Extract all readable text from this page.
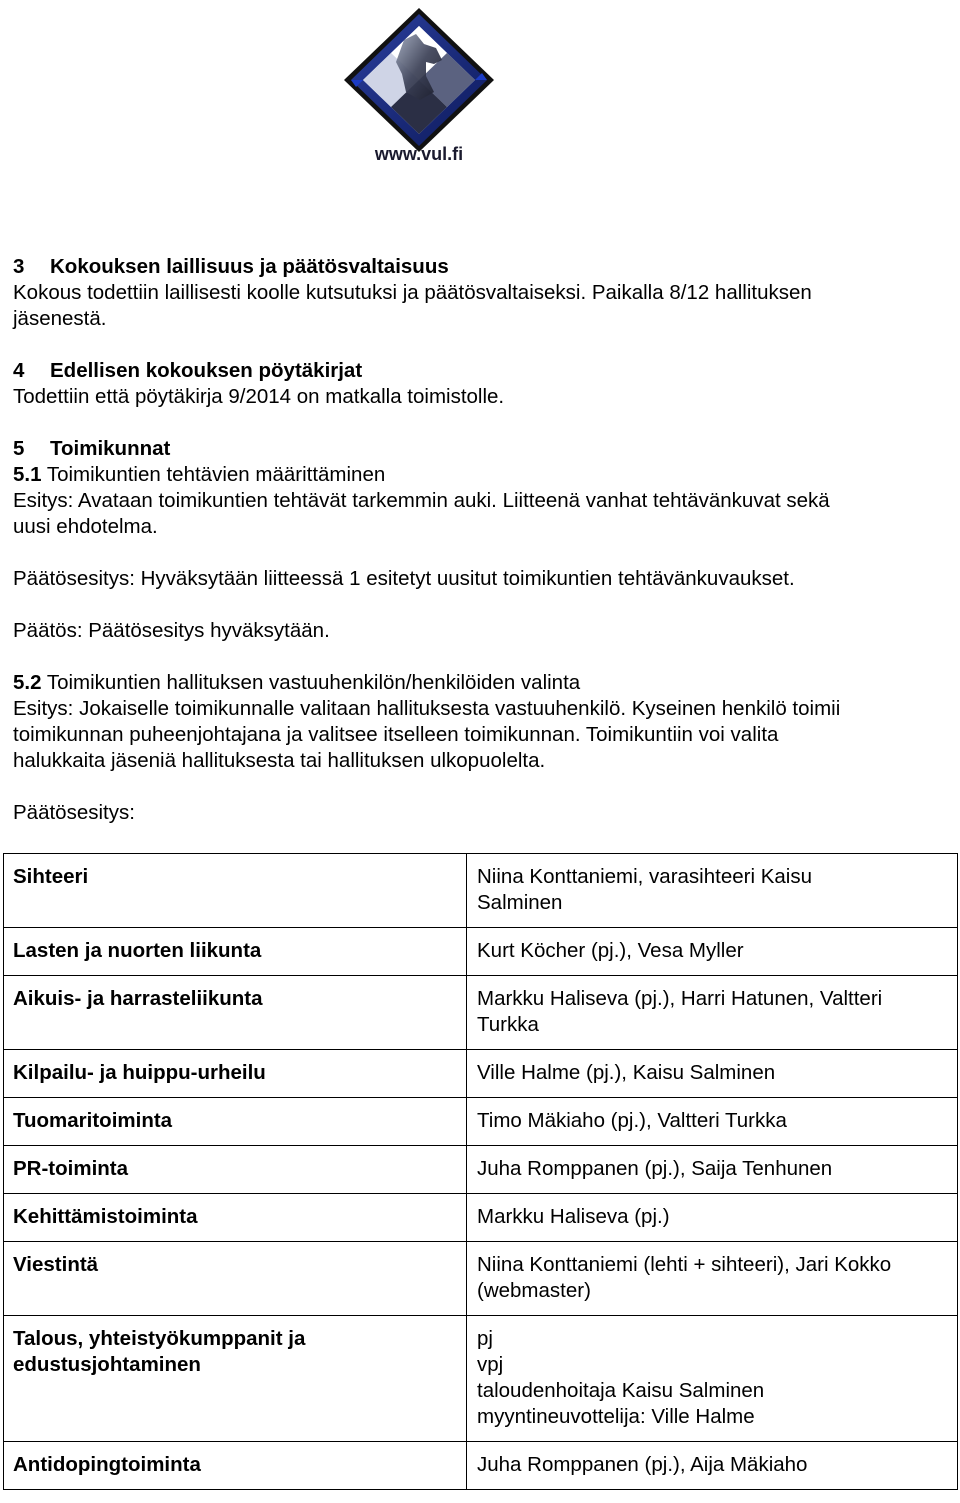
www.vul.fi

3 Kokouksen laillisuus ja päätösvaltaisuus

Kokous todettiin laillisesti koolle kutsutuksi ja päätösvaltaiseksi. Paikalla 8/12 hallituksen

jäsenestä.

4 Edellisen kokouksen pöytäkirjat

Todettiin että pöytäkirja 9/2014 on matkalla toimistolle.

5 Toimikunnat

5.1 Toimikuntien tehtävien määrittäminen

Esitys: Avataan toimikuntien tehtävät tarkemmin auki. Liitteenä vanhat tehtävänkuvat sekä

uusi ehdotelma.

Päätösesitys: Hyväksytään liitteessä 1 esitetyt uusitut toimikuntien tehtävänkuvaukset.

Päätös: Päätösesitys hyväksytään.

5.2 Toimikuntien hallituksen vastuuhenkilön/henkilöiden valinta

Esitys: Jokaiselle toimikunnalle valitaan hallituksesta vastuuhenkilö. Kyseinen henkilö toimii

toimikunnan puheenjohtajana ja valitsee itselleen toimikunnan. Toimikuntiin voi valita

halukkaita jäseniä hallituksesta tai hallituksen ulkopuolelta.

Päätösesitys:

Sihteeri	Niina Konttaniemi, varasihteeri Kaisu
Salminen

Lasten ja nuorten liikunta	Kurt Köcher (pj.), Vesa Myller

Aikuis- ja harrasteliikunta	Markku Haliseva (pj.), Harri Hatunen, Valtteri
Turkka

Kilpailu- ja huippu-urheilu	Ville Halme (pj.), Kaisu Salminen

Tuomaritoiminta	Timo Mäkiaho (pj.), Valtteri Turkka

PR-toiminta	Juha Romppanen (pj.), Saija Tenhunen

Kehittämistoiminta	Markku Haliseva (pj.)

Viestintä	Niina Konttaniemi (lehti + sihteeri), Jari Kokko
(webmaster)

Talous, yhteistyökumppanit ja
edustusjohtaminen	pj
vpj
taloudenhoitaja Kaisu Salminen
myyntineuvottelija: Ville Halme

Antidopingtoiminta	Juha Romppanen (pj.), Aija Mäkiaho
